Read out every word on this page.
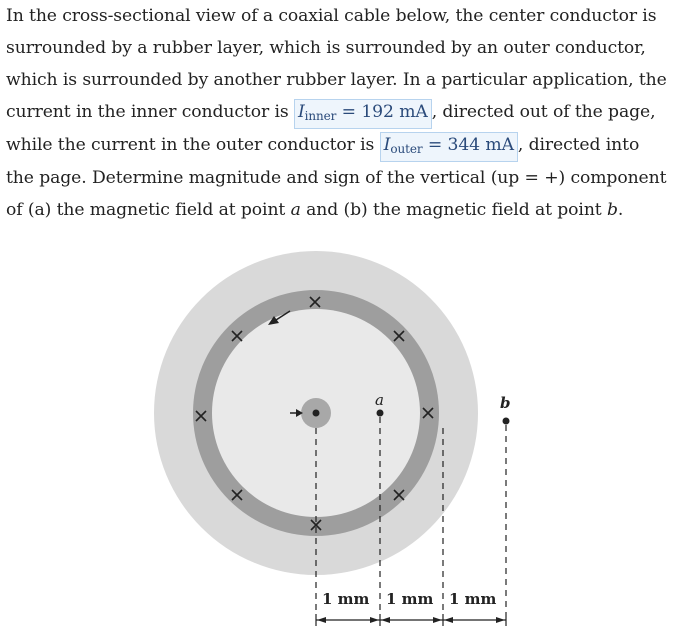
In the cross-sectional view of a coaxial cable below, the center conductor is

surrounded by a rubber layer, which is surrounded by an outer conductor,

which is surrounded by another rubber layer. In a particular application, the

current in the inner conductor is $I_{inner} = 192$ mA , directed out of the page,

while the current in the outer conductor is $I_{outer} = 344$ mA , directed into

the page. Determine magnitude and sign of the vertical (up = +) component

of (a) the magnetic field at point a and (b) the magnetic field at point b.

a	b
1 mm 1 mm 1 mm
